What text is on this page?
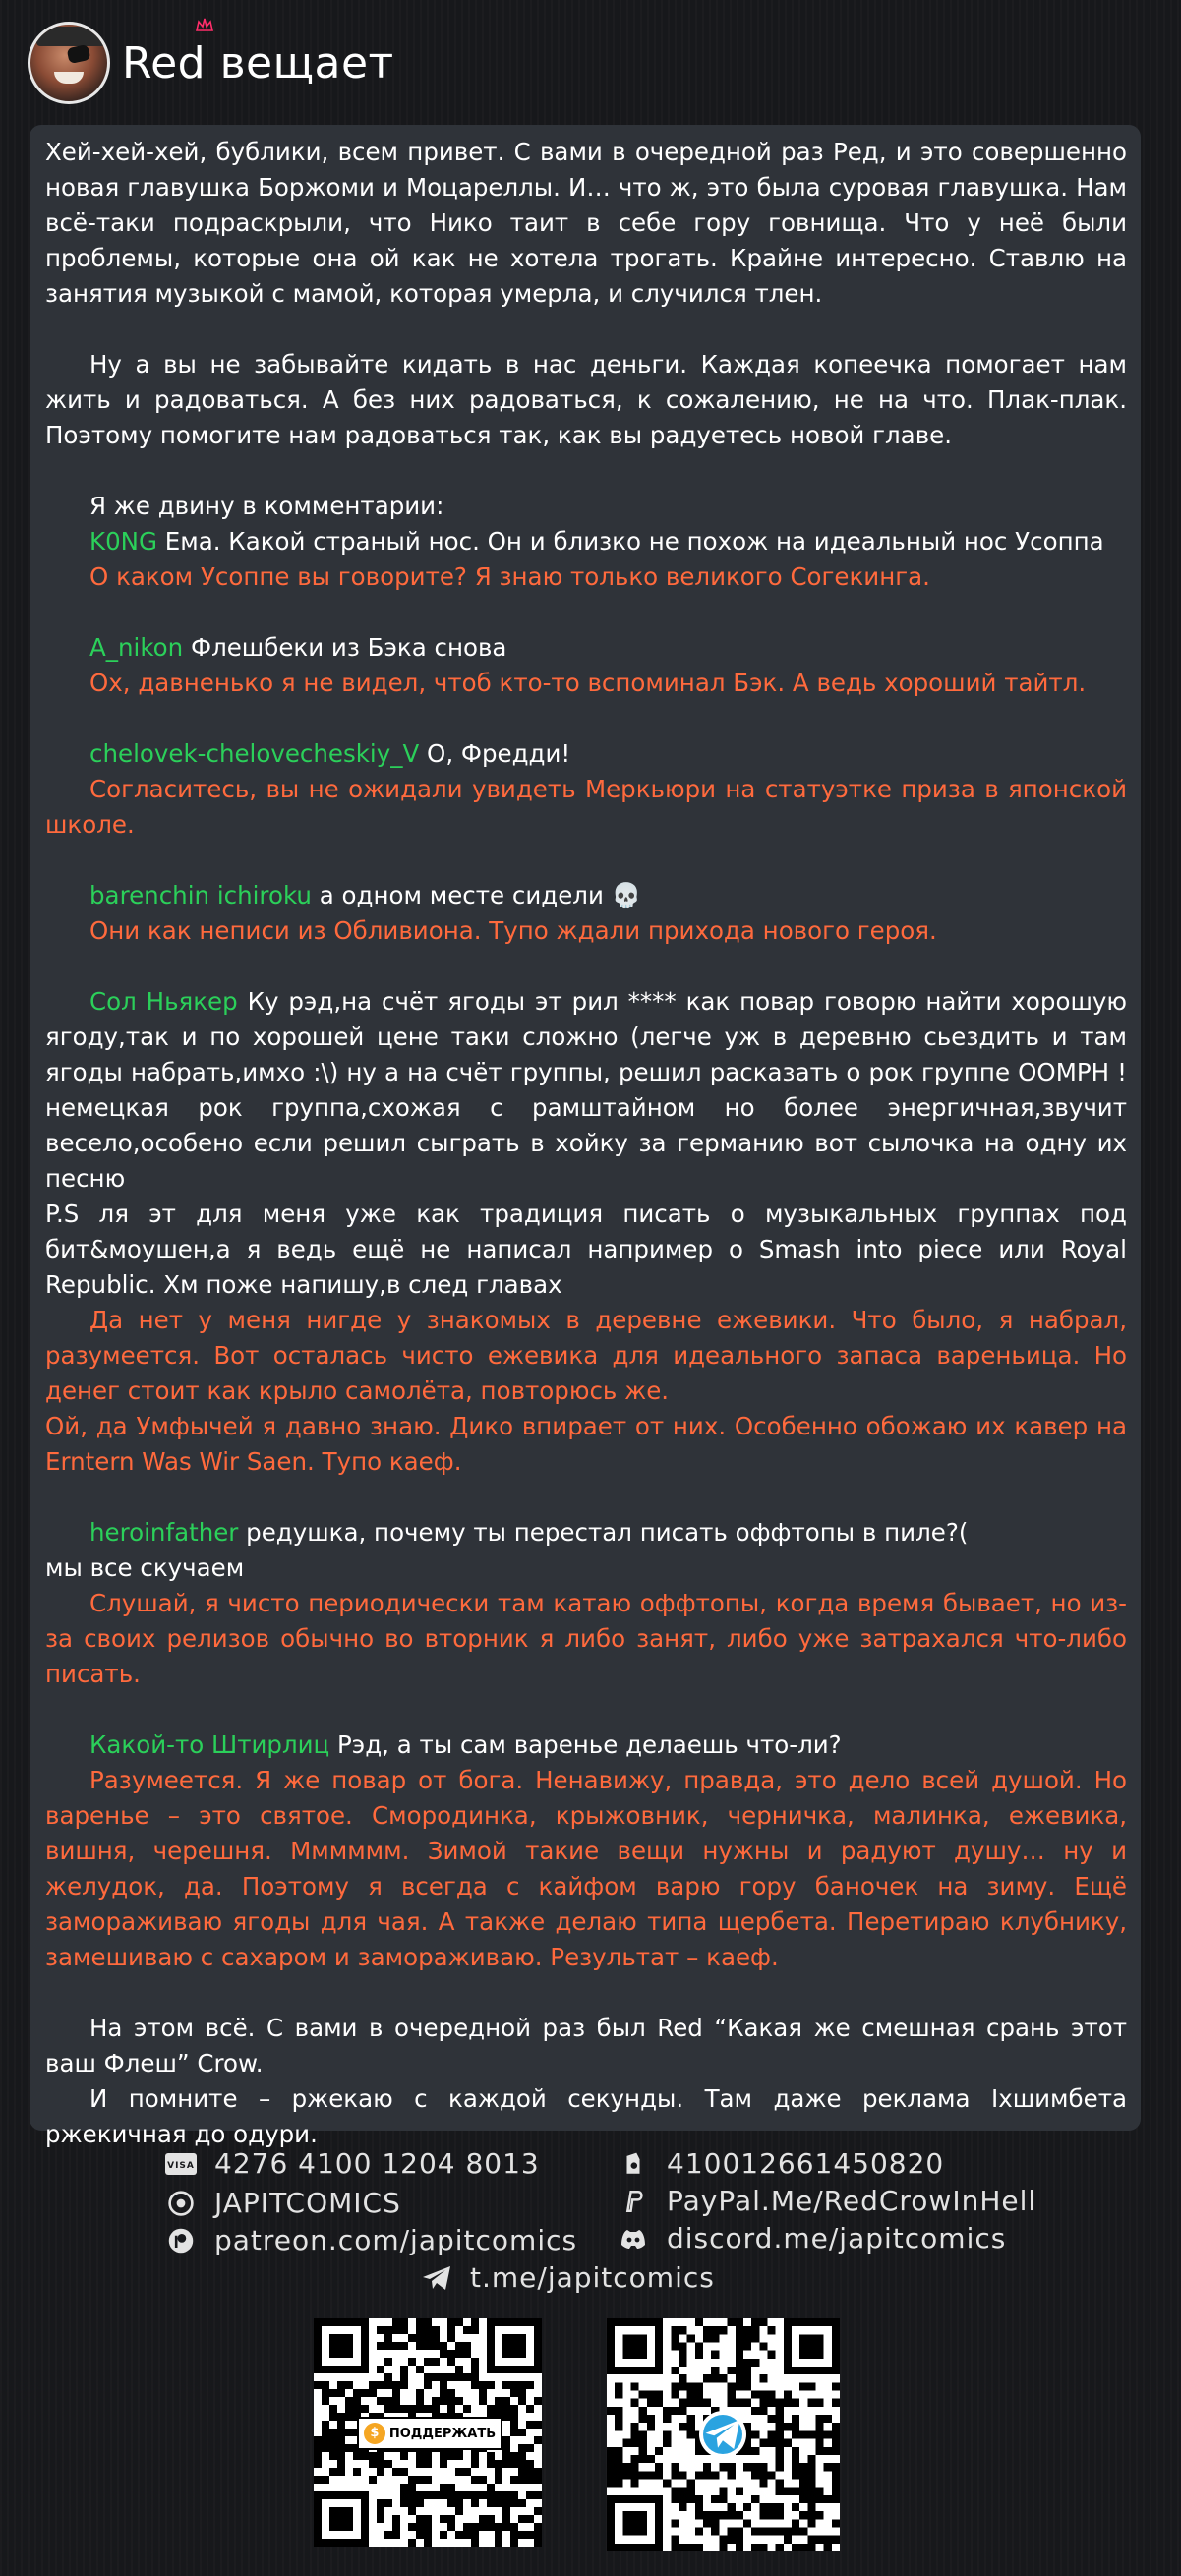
Red вещает

Хей-хей-хей, бублики, всем привет. С вами в очередной раз Ред, и это совершенно новая главушка Боржоми и Моцареллы. И… что ж, это была суровая главушка. Нам всё-таки подраскрыли, что Нико таит в себе гору говнища. Что у неё были проблемы, которые она ой как не хотела трогать. Крайне интересно. Ставлю на занятия музыкой с мамой, которая умерла, и случился тлен.

Ну а вы не забывайте кидать в нас деньги. Каждая копеечка помогает нам жить и радоваться. А без них радоваться, к сожалению, не на что. Плак-плак. Поэтому помогите нам радоваться так, как вы радуетесь новой главе.

Я же двину в комментарии:

K0NG Ема. Какой страный нос. Он и близко не похож на идеальный нос Усоппа

О каком Усоппе вы говорите? Я знаю только великого Согекинга.

A_nikon Флешбеки из Бэка снова

Ох, давненько я не видел, чтоб кто-то вспоминал Бэк. А ведь хороший тайтл.

chelovek-chelovecheskiy_V О, Фредди!

Согласитесь, вы не ожидали увидеть Меркьюри на статуэтке приза в японской школе.

barenchin ichiroku а одном месте сидели 💀

Они как неписи из Обливиона. Тупо ждали прихода нового героя.

Сол Ньякер Ку рэд,на счёт ягоды эт рил **** как повар говорю найти хорошую ягоду,так и по хорошей цене таки сложно (легче уж в деревню сьездить и там ягоды набрать,имхо :\) ну а на счёт группы, решил расказать о рок группе OOMPH ! немецкая рок группа,схожая с рамштайном но более энергичная,звучит весело,особено если решил сыграть в хойку за германию вот сылочка на одну их песню

P.S ля эт для меня уже как традиция писать о музыкальных группах под бит&моушен,а я ведь ещё не написал например о Smash into piece или Royal Republic. Хм поже напишу,в след главах

Да нет у меня нигде у знакомых в деревне ежевики. Что было, я набрал, разумеется. Вот осталась чисто ежевика для идеального запаса вареньица. Но денег стоит как крыло самолёта, повторюсь же.

Ой, да Умфычей я давно знаю. Дико впирает от них. Особенно обожаю их кавер на Erntern Was Wir Saen. Тупо каеф.

heroinfather редушка, почему ты перестал писать оффтопы в пиле?(

мы все скучаем

Слушай, я чисто периодически там катаю оффтопы, когда время бывает, но из-за своих релизов обычно во вторник я либо занят, либо уже затрахался что-либо писать.

Какой-то Штирлиц Рэд, а ты сам варенье делаешь что-ли?

Разумеется. Я же повар от бога. Ненавижу, правда, это дело всей душой. Но варенье – это святое. Смородинка, крыжовник, черничка, малинка, ежевика, вишня, черешня. Мммммм. Зимой такие вещи нужны и радуют душу… ну и желудок, да. Поэтому я всегда с кайфом варю гору баночек на зиму. Ещё замораживаю ягоды для чая. А также делаю типа щербета. Перетираю клубнику, замешиваю с сахаром и замораживаю. Результат – каеф.

На этом всё. С вами в очередной раз был Red “Какая же смешная срань этот ваш Флеш” Crow.

И помните – ржекаю с каждой секунды. Там даже реклама Ixшимбета ржекичная до одури.

VISA 4276 4100 1204 8013
JAPITCOMICS
patreon.com/japitcomics
410012661450820
PayPal.Me/RedCrowInHell
discord.me/japitcomics
t.me/japitcomics
$ ПОДДЕРЖАТЬ
